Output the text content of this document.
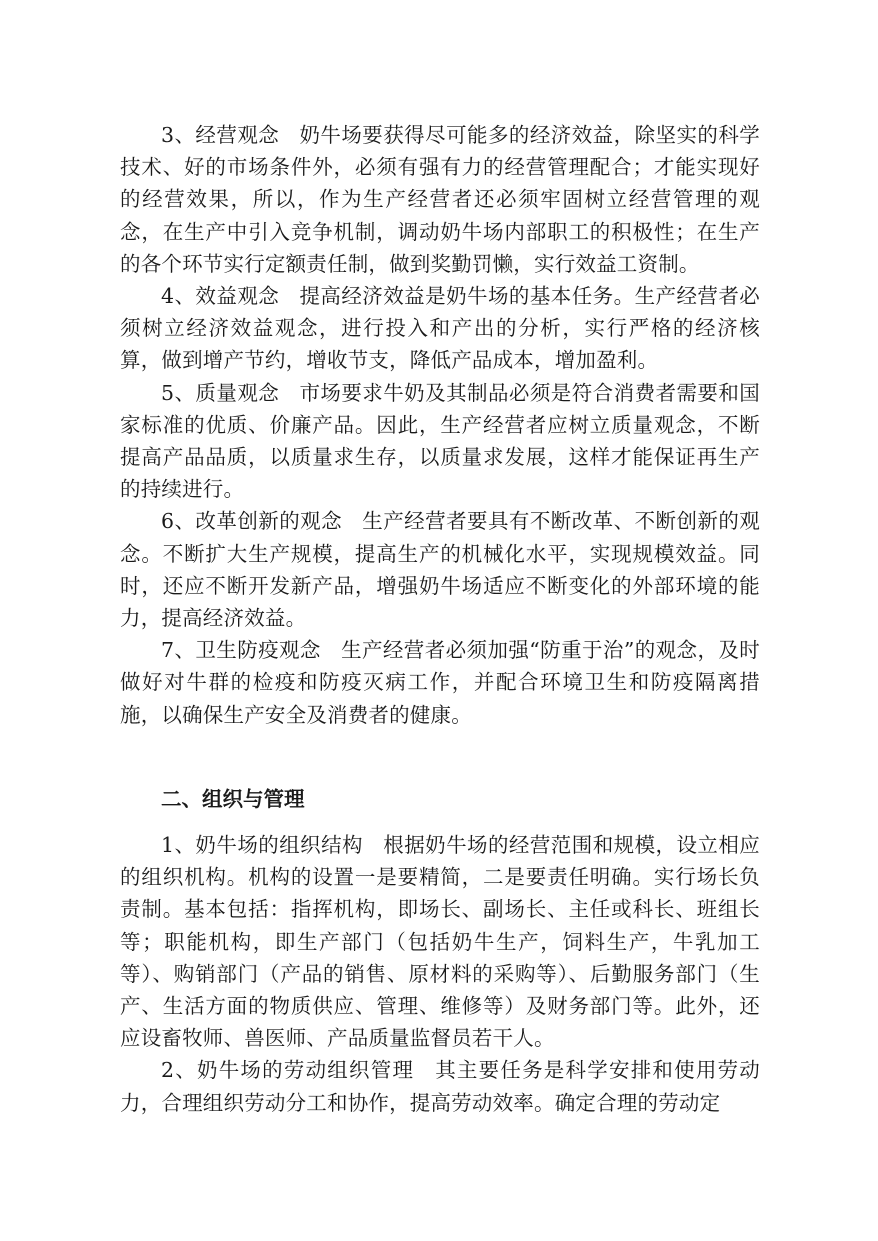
3、经营观念 奶牛场要获得尽可能多的经济效益，除坚实的科学技术、好的市场条件外，必须有强有力的经营管理配合；才能实现好的经营效果，所以，作为生产经营者还必须牢固树立经营管理的观念，在生产中引入竞争机制，调动奶牛场内部职工的积极性；在生产的各个环节实行定额责任制，做到奖勤罚懒，实行效益工资制。

4、效益观念 提高经济效益是奶牛场的基本任务。生产经营者必须树立经济效益观念，进行投入和产出的分析，实行严格的经济核算，做到增产节约，增收节支，降低产品成本，增加盈利。

5、质量观念 市场要求牛奶及其制品必须是符合消费者需要和国家标准的优质、价廉产品。因此，生产经营者应树立质量观念，不断提高产品品质，以质量求生存，以质量求发展，这样才能保证再生产的持续进行。

6、改革创新的观念 生产经营者要具有不断改革、不断创新的观念。不断扩大生产规模，提高生产的机械化水平，实现规模效益。同时，还应不断开发新产品，增强奶牛场适应不断变化的外部环境的能力，提高经济效益。

7、卫生防疫观念 生产经营者必须加强“防重于治”的观念，及时做好对牛群的检疫和防疫灭病工作，并配合环境卫生和防疫隔离措施，以确保生产安全及消费者的健康。

二、组织与管理

1、奶牛场的组织结构 根据奶牛场的经营范围和规模，设立相应的组织机构。机构的设置一是要精简，二是要责任明确。实行场长负责制。基本包括：指挥机构，即场长、副场长、主任或科长、班组长等；职能机构，即生产部门（包括奶牛生产，饲料生产，牛乳加工等）、购销部门（产品的销售、原材料的采购等）、后勤服务部门（生产、生活方面的物质供应、管理、维修等）及财务部门等。此外，还应设畜牧师、兽医师、产品质量监督员若干人。

2、奶牛场的劳动组织管理 其主要任务是科学安排和使用劳动力，合理组织劳动分工和协作，提高劳动效率。确定合理的劳动定
